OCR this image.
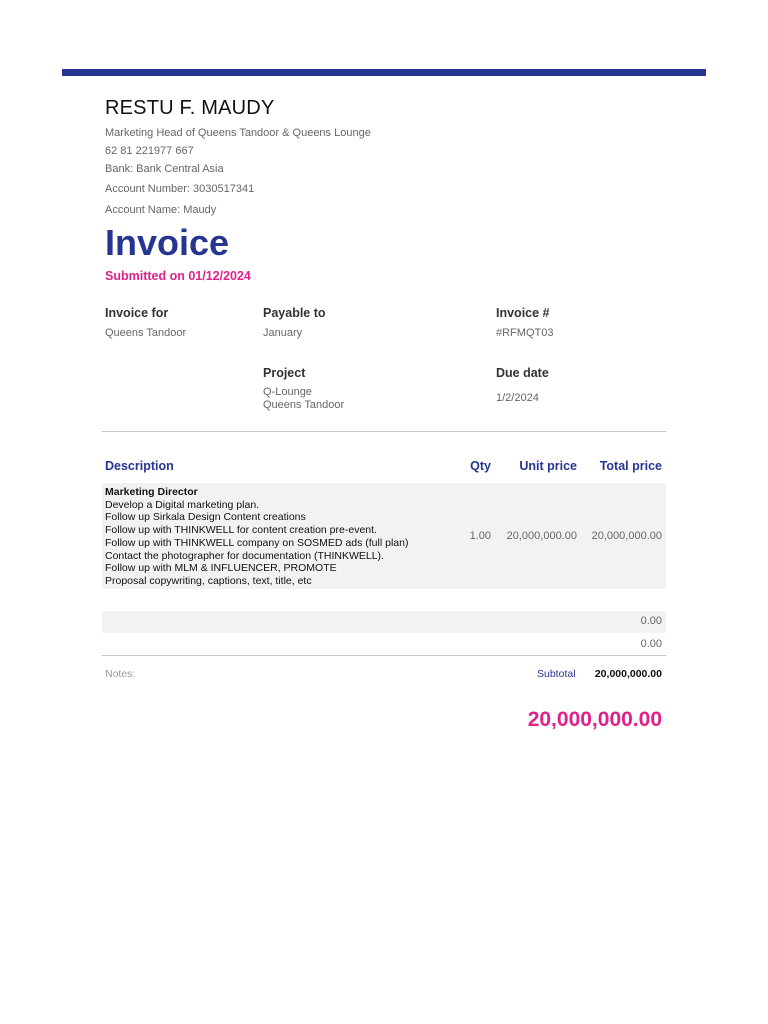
RESTU F. MAUDY
Marketing Head of Queens Tandoor & Queens Lounge
62 81 221977 667
Bank: Bank Central Asia
Account Number: 3030517341
Account Name: Maudy
Invoice
Submitted on 01/12/2024
Invoice for
Queens Tandoor
Payable to
January
Invoice #
#RFMQT03
Project
Q-Lounge
Queens Tandoor
Due date
1/2/2024
Description	Qty Unit price Total price
Marketing Director
Develop a Digital marketing plan.
Follow up Sirkala Design Content creations
Follow up with THINKWELL for content creation pre-event.
Follow up with THINKWELL company on SOSMED ads (full plan)
Contact the photographer for documentation (THINKWELL).
Follow up with MLM & INFLUENCER, PROMOTE
Proposal copywriting, captions, text, title, etc
1.00 20,000,000.00 20,000,000.00
0.00
0.00
Notes:	Subtotal 20,000,000.00
20,000,000.00
